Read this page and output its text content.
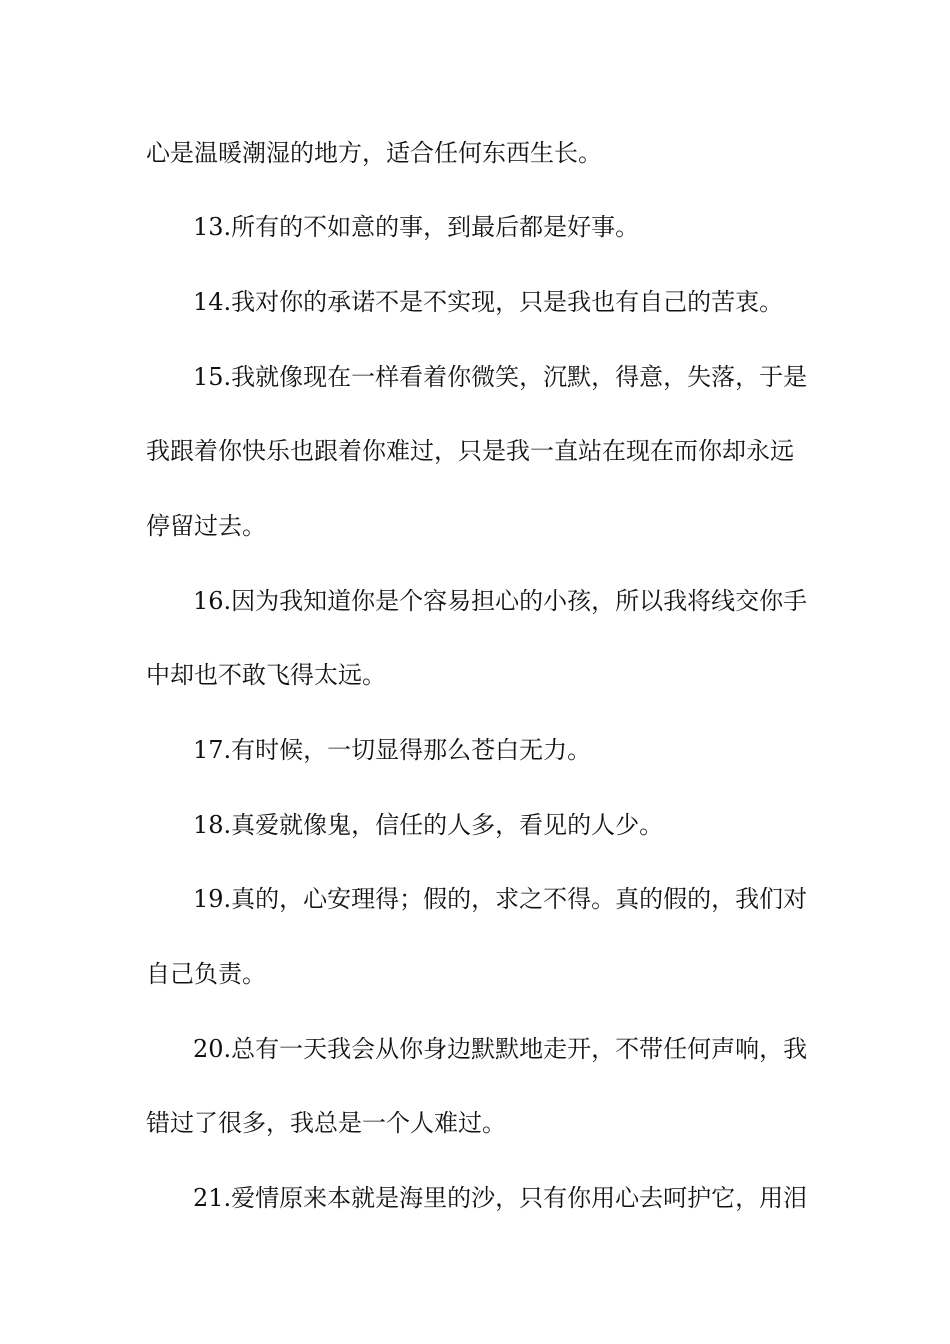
心是温暖潮湿的地方，适合任何东西生长。
13.所有的不如意的事，到最后都是好事。
14.我对你的承诺不是不实现，只是我也有自己的苦衷。
15.我就像现在一样看着你微笑，沉默，得意，失落，于是
我跟着你快乐也跟着你难过，只是我一直站在现在而你却永远
停留过去。
16.因为我知道你是个容易担心的小孩，所以我将线交你手
中却也不敢飞得太远。
17.有时候，一切显得那么苍白无力。
18.真爱就像鬼，信任的人多，看见的人少。
19.真的，心安理得；假的，求之不得。真的假的，我们对
自己负责。
20.总有一天我会从你身边默默地走开，不带任何声响，我
错过了很多，我总是一个人难过。
21.爱情原来本就是海里的沙，只有你用心去呵护它，用泪
